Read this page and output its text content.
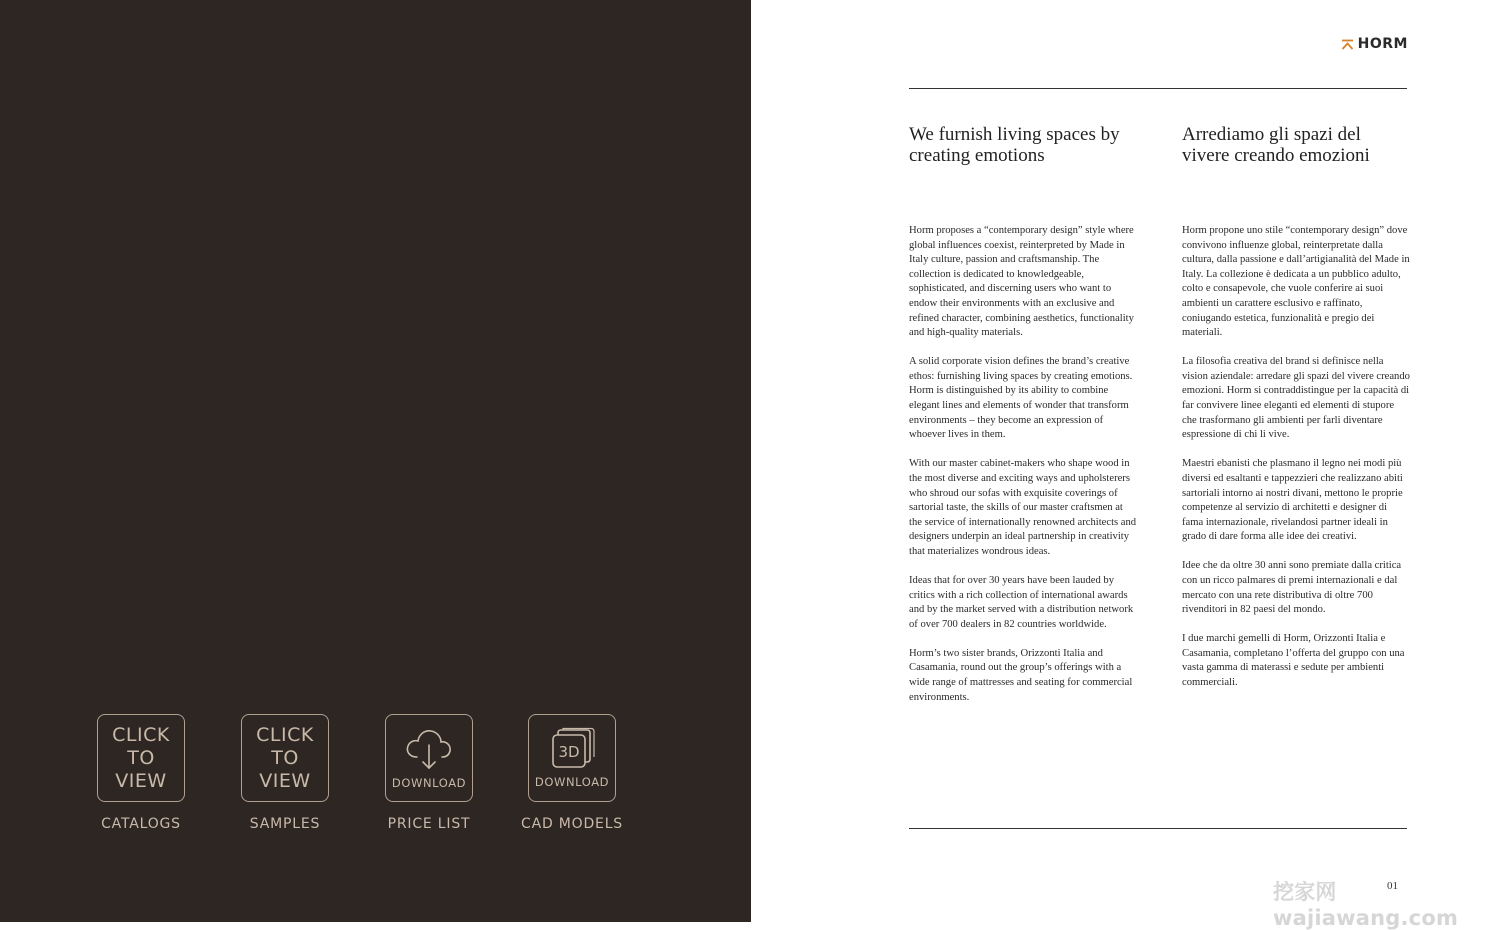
CLICK
TO
VIEW
CATALOGS
CLICK
TO
VIEW
SAMPLES
DOWNLOAD
PRICE LIST
3D
DOWNLOAD
CAD MODELS
HORM
We furnish living spaces by creating emotions

Horm proposes a “contemporary design” style where global influences coexist, reinterpreted by Made in Italy culture, passion and craftsmanship. The collection is dedicated to knowledgeable, sophisticated, and discerning users who want to endow their environments with an exclusive and refined character, combining aesthetics, functionality and high-quality materials.

A solid corporate vision defines the brand’s creative ethos: furnishing living spaces by creating emotions. Horm is distinguished by its ability to combine elegant lines and elements of wonder that transform environments – they become an expression of whoever lives in them.

With our master cabinet-makers who shape wood in the most diverse and exciting ways and upholsterers who shroud our sofas with exquisite coverings of sartorial taste, the skills of our master craftsmen at the service of internationally renowned architects and designers underpin an ideal partnership in creativity that materializes wondrous ideas.

Ideas that for over 30 years have been lauded by critics with a rich collection of international awards and by the market served with a distribution network of over 700 dealers in 82 countries worldwide.

Horm’s two sister brands, Orizzonti Italia and Casamania, round out the group’s offerings with a wide range of mattresses and seating for commercial environments.

Arrediamo gli spazi del vivere creando emozioni

Horm propone uno stile “contemporary design” dove convivono influenze global, reinterpretate dalla cultura, dalla passione e dall’artigianalità del Made in Italy. La collezione è dedicata a un pubblico adulto, colto e consapevole, che vuole conferire ai suoi ambienti un carattere esclusivo e raffinato, coniugando estetica, funzionalità e pregio dei materiali.

La filosofia creativa del brand si definisce nella vision aziendale: arredare gli spazi del vivere creando emozioni. Horm si contraddistingue per la capacità di far convivere linee eleganti ed elementi di stupore che trasformano gli ambienti per farli diventare espressione di chi li vive.

Maestri ebanisti che plasmano il legno nei modi più diversi ed esaltanti e tappezzieri che realizzano abiti sartoriali intorno ai nostri divani, mettono le proprie competenze al servizio di architetti e designer di fama internazionale, rivelandosi partner ideali in grado di dare forma alle idee dei creativi.

Idee che da oltre 30 anni sono premiate dalla critica con un ricco palmares di premi internazionali e dal mercato con una rete distributiva di oltre 700 rivenditori in 82 paesi del mondo.

I due marchi gemelli di Horm, Orizzonti Italia e Casamania, completano l’offerta del gruppo con una vasta gamma di materassi e sedute per ambienti commerciali.

01
挖家网 wajiawang.com
